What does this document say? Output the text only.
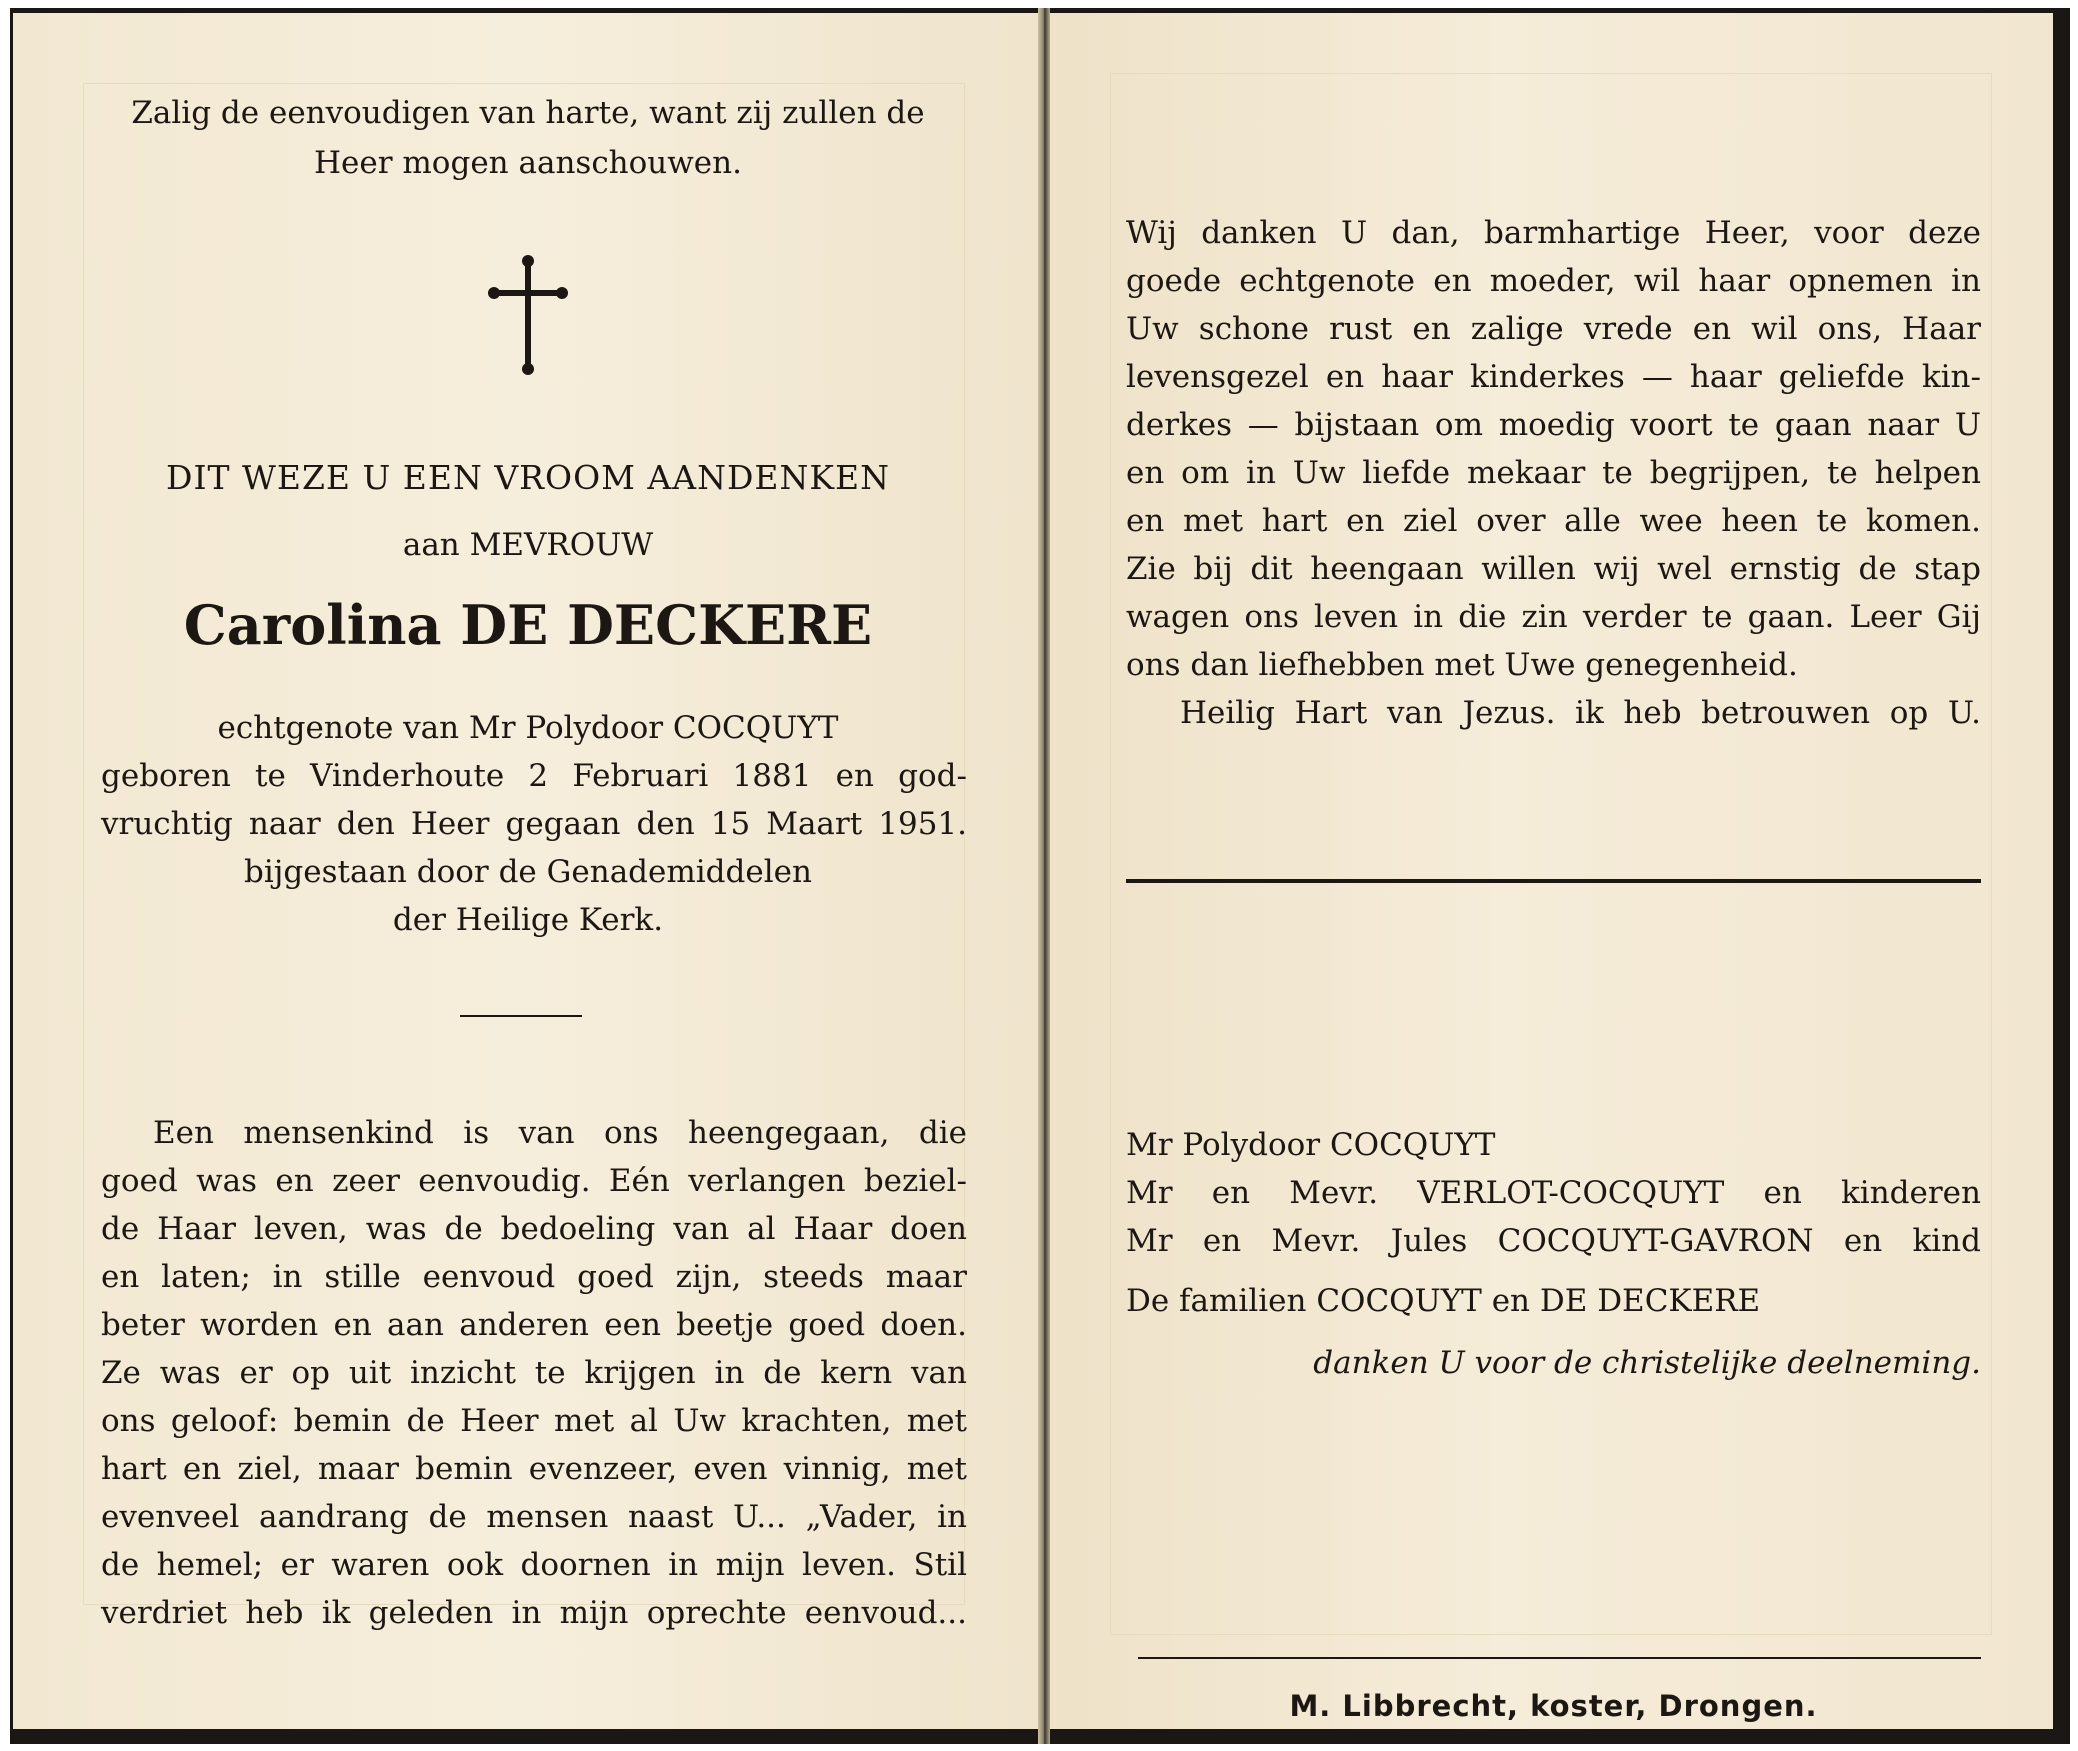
Zalig de eenvoudigen van harte, want zij zullen de
Heer mogen aanschouwen.
DIT WEZE U EEN VROOM AANDENKEN
aan MEVROUW
Carolina DE DECKERE
echtgenote van Mr Polydoor COCQUYT
geboren te Vinderhoute 2 Februari 1881 en god-
vruchtig naar den Heer gegaan den 15 Maart 1951.
bijgestaan door de Genademiddelen
der Heilige Kerk.
Een mensenkind is van ons heengegaan, die
goed was en zeer eenvoudig. Eén verlangen beziel-
de Haar leven, was de bedoeling van al Haar doen
en laten; in stille eenvoud goed zijn, steeds maar
beter worden en aan anderen een beetje goed doen.
Ze was er op uit inzicht te krijgen in de kern van
ons geloof: bemin de Heer met al Uw krachten, met
hart en ziel, maar bemin evenzeer, even vinnig, met
evenveel aandrang de mensen naast U... „Vader, in
de hemel; er waren ook doornen in mijn leven. Stil
verdriet heb ik geleden in mijn oprechte eenvoud...
Wij danken U dan, barmhartige Heer, voor deze
goede echtgenote en moeder, wil haar opnemen in
Uw schone rust en zalige vrede en wil ons, Haar
levensgezel en haar kinderkes — haar geliefde kin-
derkes — bijstaan om moedig voort te gaan naar U
en om in Uw liefde mekaar te begrijpen, te helpen
en met hart en ziel over alle wee heen te komen.
Zie bij dit heengaan willen wij wel ernstig de stap
wagen ons leven in die zin verder te gaan. Leer Gij
ons dan liefhebben met Uwe genegenheid.
Heilig Hart van Jezus. ik heb betrouwen op U.
Mr Polydoor COCQUYT
Mr en Mevr. VERLOT-COCQUYT en kinderen
Mr en Mevr. Jules COCQUYT-GAVRON en kind
De familien COCQUYT en DE DECKERE
danken U voor de christelijke deelneming.
M. Libbrecht, koster, Drongen.
